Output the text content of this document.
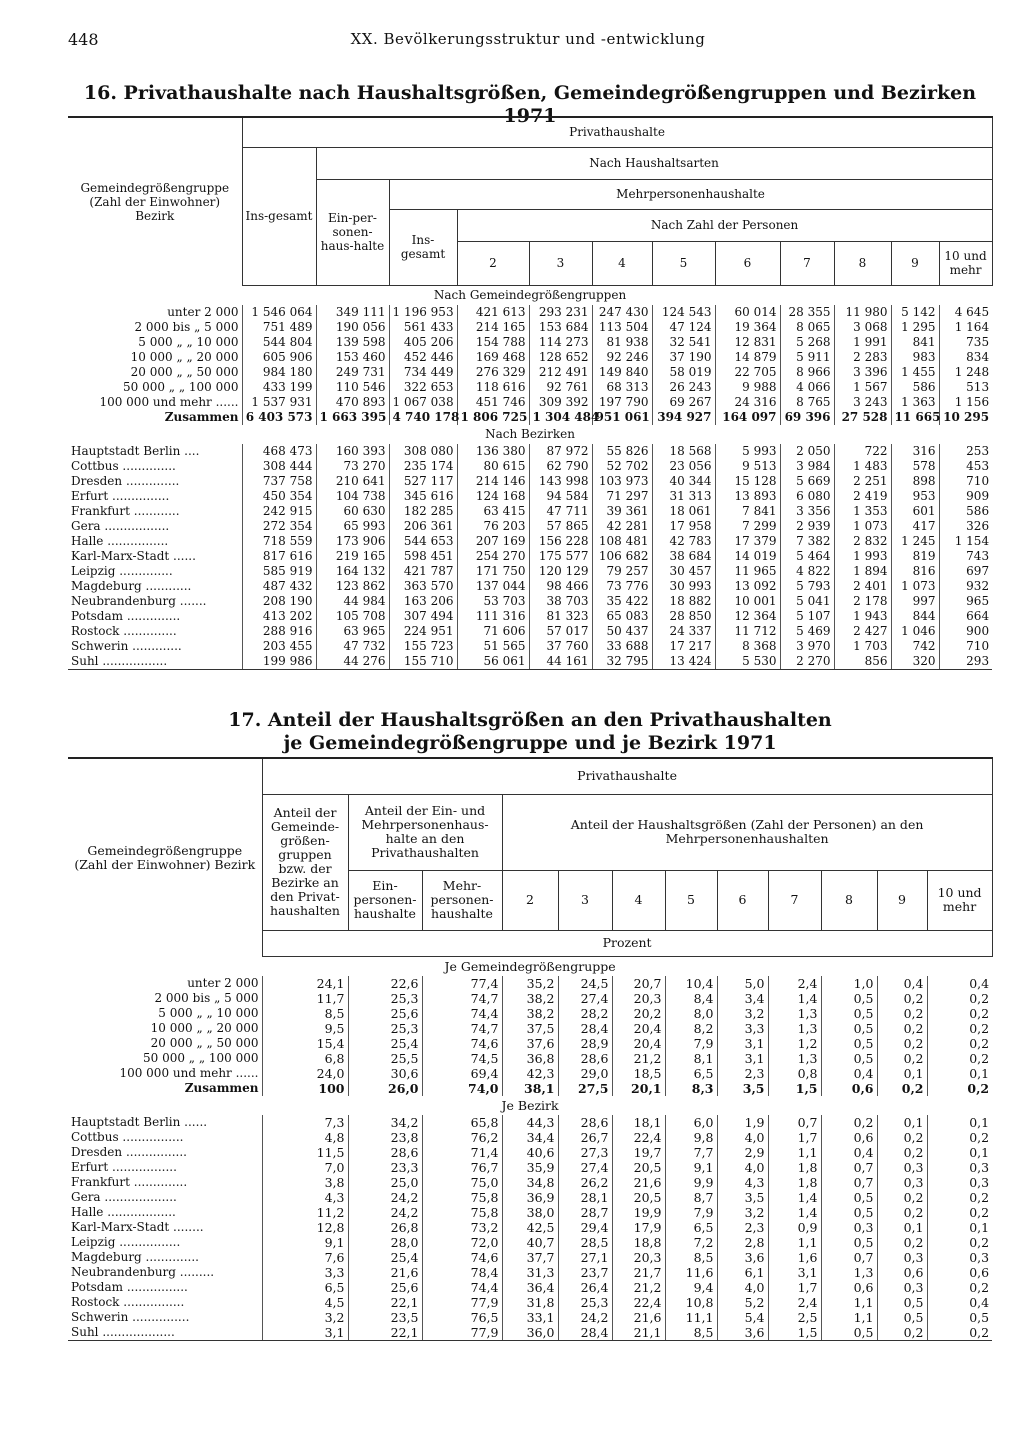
448	XX. Bevölkerungsstruktur und -entwicklung
16. Privathaushalte nach Haushaltsgrößen, Gemeindegrößengruppen und Bezirken 1971
Gemeindegrößengruppe (Zahl der Einwohner) Bezirk	Privathaushalte											
	Ins-gesamt	Nach Haushaltsarten										
		Ein-per-sonen-haus-halte	Mehrpersonenhaushalte									
			Ins-gesamt	Nach Zahl der Personen								
				2	3	4	5	6	7	8	9	10 und mehr
Nach Gemeindegrößengruppen												
unter 2 000	1 546 064	349 111	1 196 953	421 613	293 231	247 430	124 543	60 014	28 355	11 980	5 142	4 645
2 000 bis „ 5 000	751 489	190 056	561 433	214 165	153 684	113 504	47 124	19 364	8 065	3 068	1 295	1 164
5 000 „ „ 10 000	544 804	139 598	405 206	154 788	114 273	81 938	32 541	12 831	5 268	1 991	841	735
10 000 „ „ 20 000	605 906	153 460	452 446	169 468	128 652	92 246	37 190	14 879	5 911	2 283	983	834
20 000 „ „ 50 000	984 180	249 731	734 449	276 329	212 491	149 840	58 019	22 705	8 966	3 396	1 455	1 248
50 000 „ „ 100 000	433 199	110 546	322 653	118 616	92 761	68 313	26 243	9 988	4 066	1 567	586	513
100 000 und mehr ......	1 537 931	470 893	1 067 038	451 746	309 392	197 790	69 267	24 316	8 765	3 243	1 363	1 156
Zusammen	6 403 573	1 663 395	4 740 178	1 806 725	1 304 484	951 061	394 927	164 097	69 396	27 528	11 665	10 295
Nach Bezirken												
Hauptstadt Berlin ....	468 473	160 393	308 080	136 380	87 972	55 826	18 568	5 993	2 050	722	316	253
Cottbus ..............	308 444	73 270	235 174	80 615	62 790	52 702	23 056	9 513	3 984	1 483	578	453
Dresden ..............	737 758	210 641	527 117	214 146	143 998	103 973	40 344	15 128	5 669	2 251	898	710
Erfurt ...............	450 354	104 738	345 616	124 168	94 584	71 297	31 313	13 893	6 080	2 419	953	909
Frankfurt ............	242 915	60 630	182 285	63 415	47 711	39 361	18 061	7 841	3 356	1 353	601	586
Gera .................	272 354	65 993	206 361	76 203	57 865	42 281	17 958	7 299	2 939	1 073	417	326
Halle ................	718 559	173 906	544 653	207 169	156 228	108 481	42 783	17 379	7 382	2 832	1 245	1 154
Karl-Marx-Stadt ......	817 616	219 165	598 451	254 270	175 577	106 682	38 684	14 019	5 464	1 993	819	743
Leipzig ..............	585 919	164 132	421 787	171 750	120 129	79 257	30 457	11 965	4 822	1 894	816	697
Magdeburg ............	487 432	123 862	363 570	137 044	98 466	73 776	30 993	13 092	5 793	2 401	1 073	932
Neubrandenburg .......	208 190	44 984	163 206	53 703	38 703	35 422	18 882	10 001	5 041	2 178	997	965
Potsdam ..............	413 202	105 708	307 494	111 316	81 323	65 083	28 850	12 364	5 107	1 943	844	664
Rostock ..............	288 916	63 965	224 951	71 606	57 017	50 437	24 337	11 712	5 469	2 427	1 046	900
Schwerin .............	203 455	47 732	155 723	51 565	37 760	33 688	17 217	8 368	3 970	1 703	742	710
Suhl .................	199 986	44 276	155 710	56 061	44 161	32 795	13 424	5 530	2 270	856	320	293
17. Anteil der Haushaltsgrößen an den Privathaushalten
je Gemeindegrößengruppe und je Bezirk 1971
Gemeindegrößengruppe (Zahl der Einwohner) Bezirk	Privathaushalte											
	Anteil der Gemeinde-größen-gruppen bzw. der Bezirke an den Privat-haushalten	Anteil der Ein- und Mehrpersonenhaus-halte an den Privathaushalten		Anteil der Haushaltsgrößen (Zahl der Personen) an den Mehrpersonenhaushalten								
		Ein-personen-haushalte	Mehr-personen-haushalte	2	3	4	5	6	7	8	9	10 und mehr
	Prozent											
Je Gemeindegrößengruppe												
unter 2 000	24,1	22,6	77,4	35,2	24,5	20,7	10,4	5,0	2,4	1,0	0,4	0,4
2 000 bis „ 5 000	11,7	25,3	74,7	38,2	27,4	20,3	8,4	3,4	1,4	0,5	0,2	0,2
5 000 „ „ 10 000	8,5	25,6	74,4	38,2	28,2	20,2	8,0	3,2	1,3	0,5	0,2	0,2
10 000 „ „ 20 000	9,5	25,3	74,7	37,5	28,4	20,4	8,2	3,3	1,3	0,5	0,2	0,2
20 000 „ „ 50 000	15,4	25,4	74,6	37,6	28,9	20,4	7,9	3,1	1,2	0,5	0,2	0,2
50 000 „ „ 100 000	6,8	25,5	74,5	36,8	28,6	21,2	8,1	3,1	1,3	0,5	0,2	0,2
100 000 und mehr ......	24,0	30,6	69,4	42,3	29,0	18,5	6,5	2,3	0,8	0,4	0,1	0,1
Zusammen	100	26,0	74,0	38,1	27,5	20,1	8,3	3,5	1,5	0,6	0,2	0,2
Je Bezirk												
Hauptstadt Berlin ......	7,3	34,2	65,8	44,3	28,6	18,1	6,0	1,9	0,7	0,2	0,1	0,1
Cottbus ................	4,8	23,8	76,2	34,4	26,7	22,4	9,8	4,0	1,7	0,6	0,2	0,2
Dresden ................	11,5	28,6	71,4	40,6	27,3	19,7	7,7	2,9	1,1	0,4	0,2	0,1
Erfurt .................	7,0	23,3	76,7	35,9	27,4	20,5	9,1	4,0	1,8	0,7	0,3	0,3
Frankfurt ..............	3,8	25,0	75,0	34,8	26,2	21,6	9,9	4,3	1,8	0,7	0,3	0,3
Gera ...................	4,3	24,2	75,8	36,9	28,1	20,5	8,7	3,5	1,4	0,5	0,2	0,2
Halle ..................	11,2	24,2	75,8	38,0	28,7	19,9	7,9	3,2	1,4	0,5	0,2	0,2
Karl-Marx-Stadt ........	12,8	26,8	73,2	42,5	29,4	17,9	6,5	2,3	0,9	0,3	0,1	0,1
Leipzig ................	9,1	28,0	72,0	40,7	28,5	18,8	7,2	2,8	1,1	0,5	0,2	0,2
Magdeburg ..............	7,6	25,4	74,6	37,7	27,1	20,3	8,5	3,6	1,6	0,7	0,3	0,3
Neubrandenburg .........	3,3	21,6	78,4	31,3	23,7	21,7	11,6	6,1	3,1	1,3	0,6	0,6
Potsdam ................	6,5	25,6	74,4	36,4	26,4	21,2	9,4	4,0	1,7	0,6	0,3	0,2
Rostock ................	4,5	22,1	77,9	31,8	25,3	22,4	10,8	5,2	2,4	1,1	0,5	0,4
Schwerin ...............	3,2	23,5	76,5	33,1	24,2	21,6	11,1	5,4	2,5	1,1	0,5	0,5
Suhl ...................	3,1	22,1	77,9	36,0	28,4	21,1	8,5	3,6	1,5	0,5	0,2	0,2
